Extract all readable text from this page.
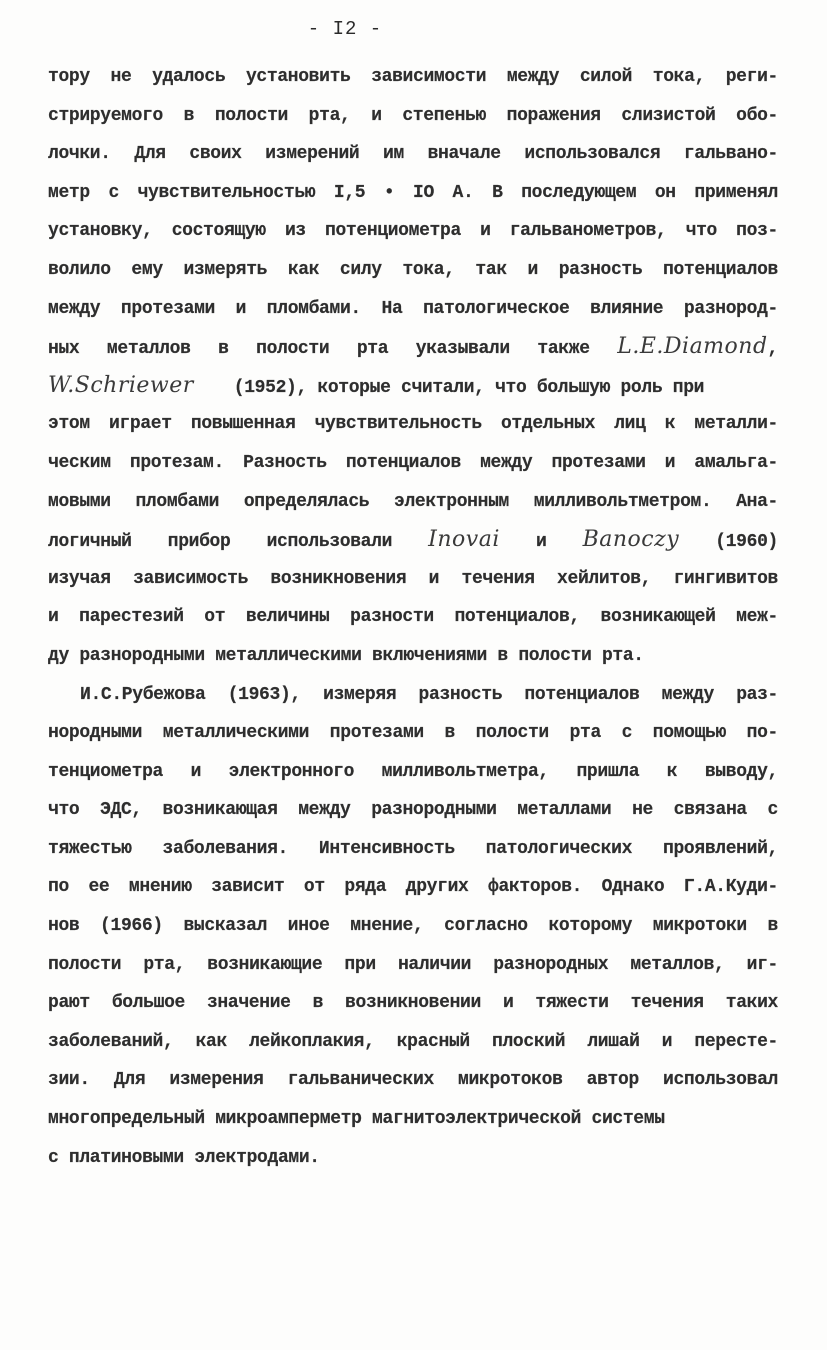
- I2 -
тору не удалось установить зависимости между силой тока, реги-
стрируемого в полости рта, и степенью поражения слизистой обо-
лочки. Для своих измерений им вначале использовался гальвано-
метр с чувствительностью I,5 • IO А. В последующем он применял
установку, состоящую из потенциометра и гальванометров, что поз-
волило ему измерять как силу тока, так и разность потенциалов
между протезами и пломбами. На патологическое влияние разнород-
ных металлов в полости рта указывали также L.E.Diamond,
W.Schriewer (1952), которые считали, что большую роль при
этом играет повышенная чувствительность отдельных лиц к металли-
ческим протезам. Разность потенциалов между протезами и амальга-
мовыми пломбами определялась электронным милливольтметром. Ана-
логичный прибор использовали Inovai и Banoczy (1960)
изучая зависимость возникновения и течения хейлитов, гингивитов
и парестезий от величины разности потенциалов, возникающей меж-
ду разнородными металлическими включениями в полости рта.
И.С.Рубежова (1963), измеряя разность потенциалов между раз-
нородными металлическими протезами в полости рта с помощью по-
тенциометра и электронного милливольтметра, пришла к выводу,
что ЭДС, возникающая между разнородными металлами не связана с
тяжестью заболевания. Интенсивность патологических проявлений,
по ее мнению зависит от ряда других факторов. Однако Г.А.Куди-
нов (1966) высказал иное мнение, согласно которому микротоки в
полости рта, возникающие при наличии разнородных металлов, иг-
рают большое значение в возникновении и тяжести течения таких
заболеваний, как лейкоплакия, красный плоский лишай и пересте-
зии. Для измерения гальванических микротоков автор использовал
многопредельный микроамперметр магнитоэлектрической системы
с платиновыми электродами.
